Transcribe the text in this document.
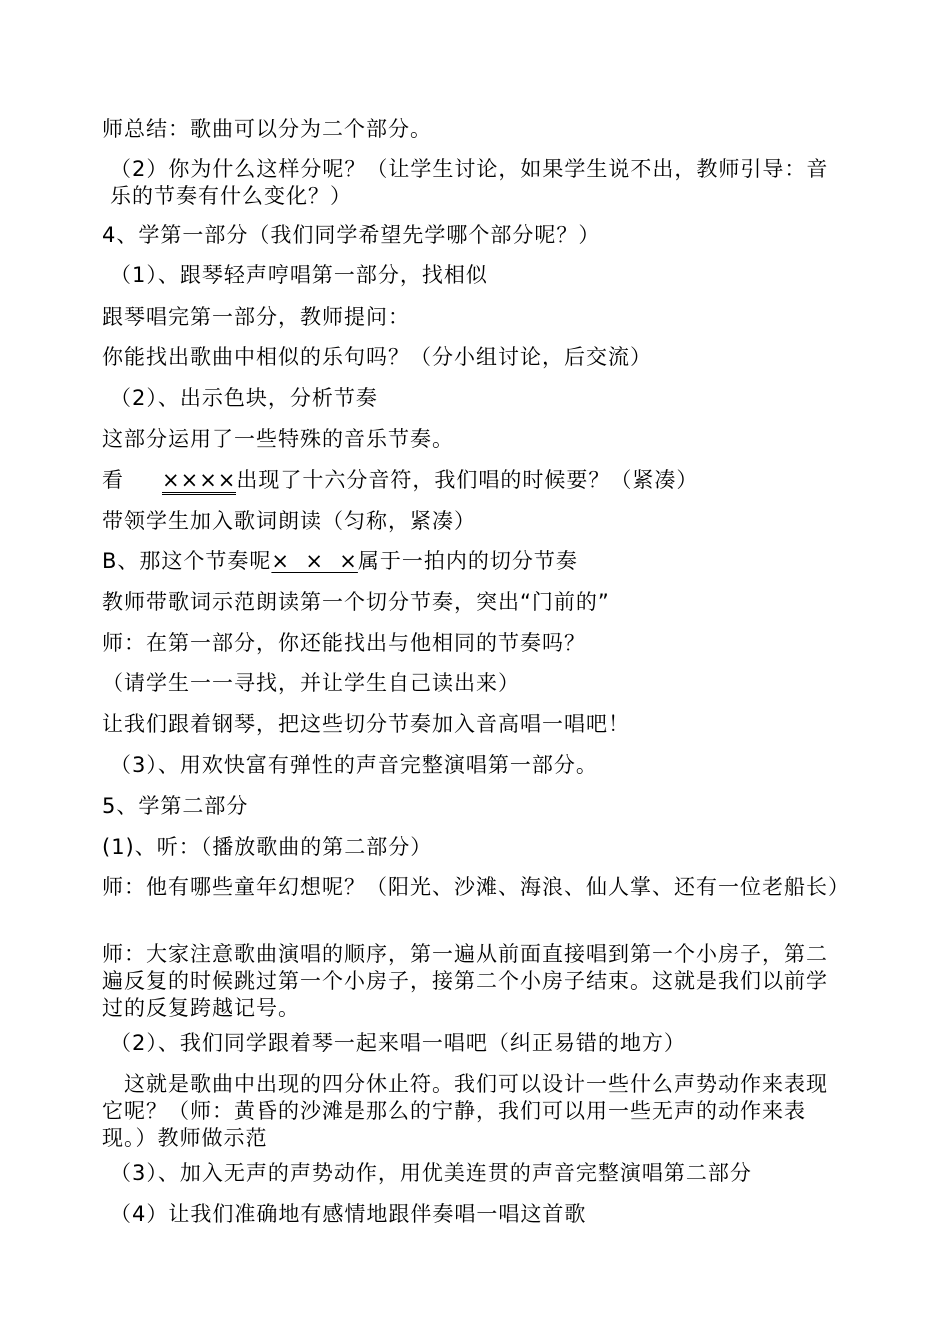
师总结：歌曲可以分为二个部分。
（2）你为什么这样分呢？（让学生讨论，如果学生说不出，教师引导：音乐的节奏有什么变化？）
4、学第一部分（我们同学希望先学哪个部分呢？）
（1）、跟琴轻声哼唱第一部分，找相似
跟琴唱完第一部分，教师提问：
你能找出歌曲中相似的乐句吗？（分小组讨论，后交流）
（2）、出示色块，分析节奏
这部分运用了一些特殊的音乐节奏。
看 ××××出现了十六分音符，我们唱的时候要？（紧凑）
带领学生加入歌词朗读（匀称，紧凑）
B、那这个节奏呢×  ×  ×属于一拍内的切分节奏
教师带歌词示范朗读第一个切分节奏，突出“门前的”
师：在第一部分，你还能找出与他相同的节奏吗？
（请学生一一寻找，并让学生自己读出来）
让我们跟着钢琴，把这些切分节奏加入音高唱一唱吧！
（3）、用欢快富有弹性的声音完整演唱第一部分。
5、学第二部分
(1)、听：（播放歌曲的第二部分）
师：他有哪些童年幻想呢？（阳光、沙滩、海浪、仙人掌、还有一位老船长）
师：大家注意歌曲演唱的顺序，第一遍从前面直接唱到第一个小房子，第二遍反复的时候跳过第一个小房子，接第二个小房子结束。这就是我们以前学过的反复跨越记号。
（2）、我们同学跟着琴一起来唱一唱吧（纠正易错的地方）
这就是歌曲中出现的四分休止符。我们可以设计一些什么声势动作来表现它呢？（师：黄昏的沙滩是那么的宁静，我们可以用一些无声的动作来表现。）教师做示范
（3）、加入无声的声势动作，用优美连贯的声音完整演唱第二部分
（4）让我们准确地有感情地跟伴奏唱一唱这首歌
